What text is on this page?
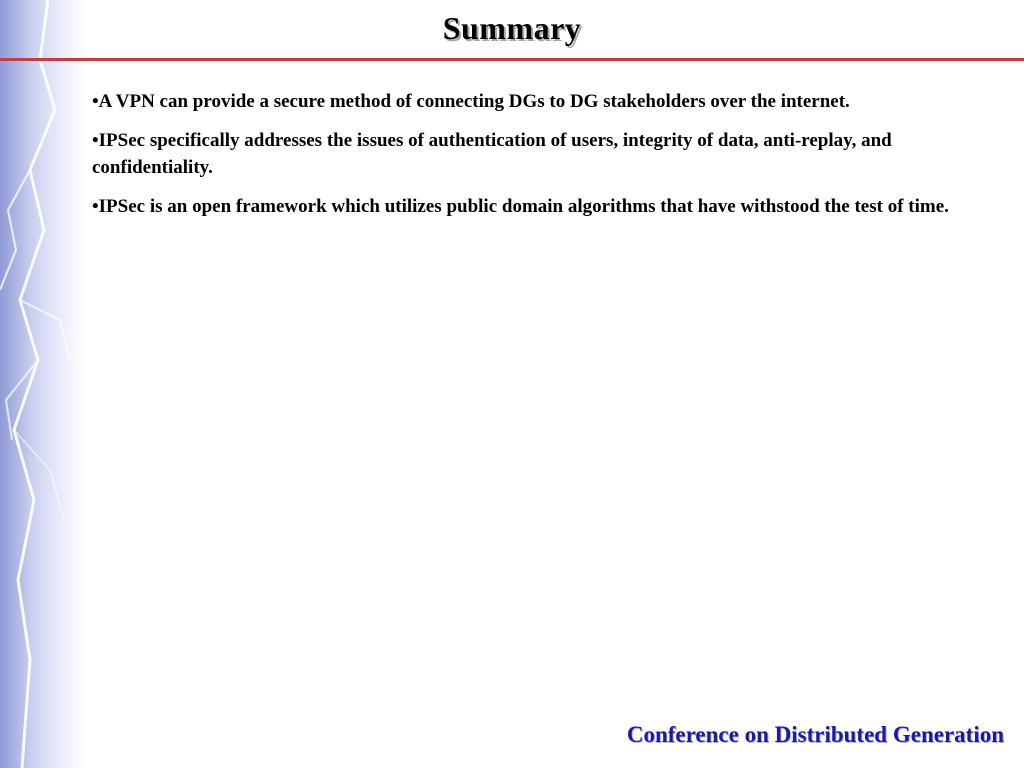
Summary
•A VPN can provide a secure method of connecting DGs to DG stakeholders over the internet.
•IPSec specifically addresses the issues of authentication of users, integrity of data, anti-replay, and confidentiality.
•IPSec is an open framework which utilizes public domain algorithms that have withstood the test of time.
Conference on Distributed Generation
